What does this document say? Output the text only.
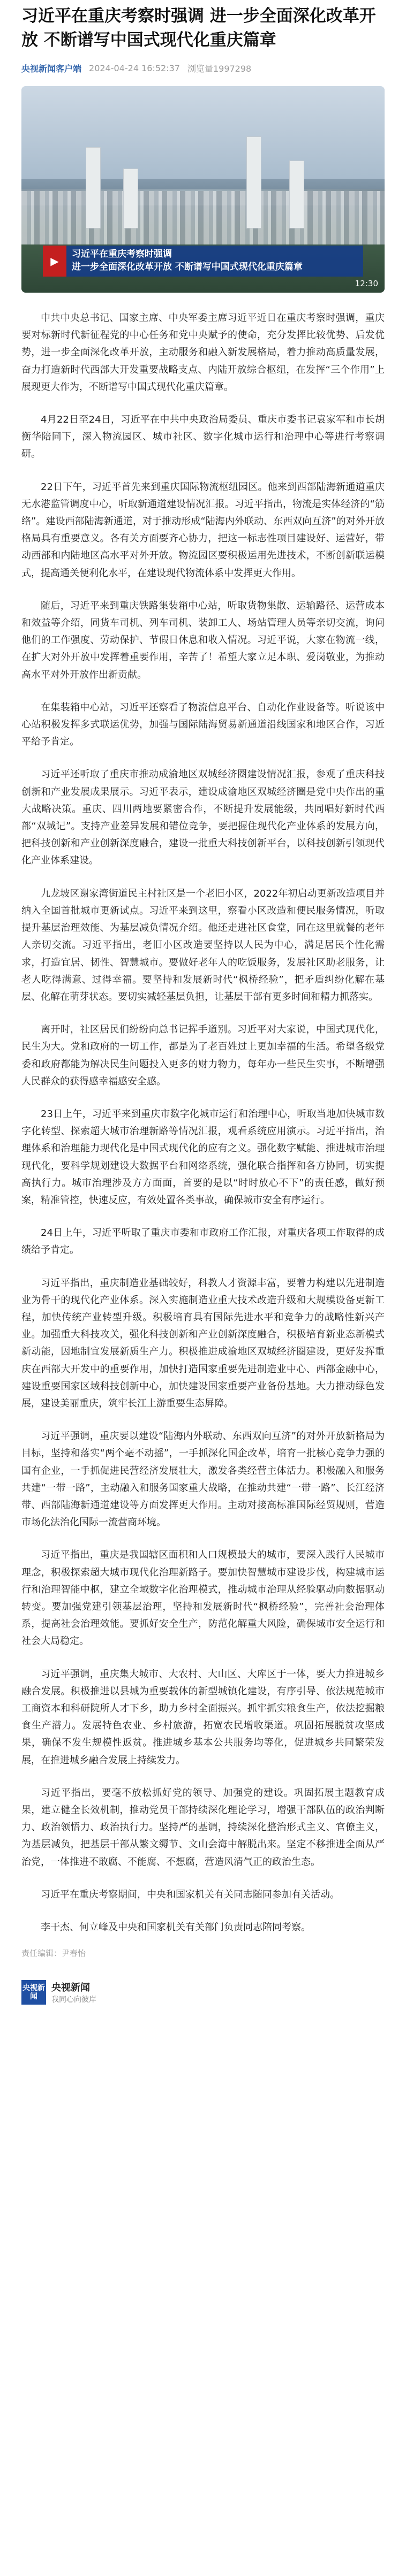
习近平在重庆考察时强调 进一步全面深化改革开放 不断谱写中国式现代化重庆篇章
央视新闻客户端 2024-04-24 16:52:37 浏览量1997298
▶
习近平在重庆考察时强调
进一步全面深化改革开放 不断谱写中国式现代化重庆篇章
12:30

中共中央总书记、国家主席、中央军委主席习近平近日在重庆考察时强调，重庆要对标新时代新征程党的中心任务和党中央赋予的使命，充分发挥比较优势、后发优势，进一步全面深化改革开放，主动服务和融入新发展格局，着力推动高质量发展，奋力打造新时代西部大开发重要战略支点、内陆开放综合枢纽，在发挥“三个作用”上展现更大作为，不断谱写中国式现代化重庆篇章。

4月22日至24日，习近平在中共中央政治局委员、重庆市委书记袁家军和市长胡衡华陪同下，深入物流园区、城市社区、数字化城市运行和治理中心等进行考察调研。

22日下午，习近平首先来到重庆国际物流枢纽园区。他来到西部陆海新通道重庆无水港监管调度中心，听取新通道建设情况汇报。习近平指出，物流是实体经济的“筋络”。建设西部陆海新通道，对于推动形成“陆海内外联动、东西双向互济”的对外开放格局具有重要意义。各有关方面要齐心协力，把这一标志性项目建设好、运营好，带动西部和内陆地区高水平对外开放。物流园区要积极运用先进技术，不断创新联运模式，提高通关便利化水平，在建设现代物流体系中发挥更大作用。

随后，习近平来到重庆铁路集装箱中心站，听取货物集散、运输路径、运营成本和效益等介绍，同货车司机、列车司机、装卸工人、场站管理人员等亲切交流，询问他们的工作强度、劳动保护、节假日休息和收入情况。习近平说，大家在物流一线，在扩大对外开放中发挥着重要作用，辛苦了！希望大家立足本职、爱岗敬业，为推动高水平对外开放作出新贡献。

在集装箱中心站，习近平还察看了物流信息平台、自动化作业设备等。听说该中心站积极发挥多式联运优势，加强与国际陆海贸易新通道沿线国家和地区合作，习近平给予肯定。

习近平还听取了重庆市推动成渝地区双城经济圈建设情况汇报，参观了重庆科技创新和产业发展成果展示。习近平表示，建设成渝地区双城经济圈是党中央作出的重大战略决策。重庆、四川两地要紧密合作，不断提升发展能级，共同唱好新时代西部“双城记”。支持产业差异发展和错位竞争，要把握住现代化产业体系的发展方向，把科技创新和产业创新深度融合，建设一批重大科技创新平台，以科技创新引领现代化产业体系建设。

九龙坡区谢家湾街道民主村社区是一个老旧小区，2022年初启动更新改造项目并纳入全国首批城市更新试点。习近平来到这里，察看小区改造和便民服务情况，听取提升基层治理效能、为基层减负情况介绍。他还走进社区食堂，同在这里就餐的老年人亲切交流。习近平指出，老旧小区改造要坚持以人民为中心，满足居民个性化需求，打造宜居、韧性、智慧城市。要做好老年人的吃饭服务，发展社区助老服务，让老人吃得满意、过得幸福。要坚持和发展新时代“枫桥经验”，把矛盾纠纷化解在基层、化解在萌芽状态。要切实减轻基层负担，让基层干部有更多时间和精力抓落实。

离开时，社区居民们纷纷向总书记挥手道别。习近平对大家说，中国式现代化，民生为大。党和政府的一切工作，都是为了老百姓过上更加幸福的生活。希望各级党委和政府都能为解决民生问题投入更多的财力物力，每年办一些民生实事，不断增强人民群众的获得感幸福感安全感。

23日上午，习近平来到重庆市数字化城市运行和治理中心，听取当地加快城市数字化转型、探索超大城市治理新路等情况汇报，观看系统应用演示。习近平指出，治理体系和治理能力现代化是中国式现代化的应有之义。强化数字赋能、推进城市治理现代化，要科学规划建设大数据平台和网络系统，强化联合指挥和各方协同，切实提高执行力。城市治理涉及方方面面，首要的是以“时时放心不下”的责任感，做好预案，精准管控，快速反应，有效处置各类事故，确保城市安全有序运行。

24日上午，习近平听取了重庆市委和市政府工作汇报，对重庆各项工作取得的成绩给予肯定。

习近平指出，重庆制造业基础较好，科教人才资源丰富，要着力构建以先进制造业为骨干的现代化产业体系。深入实施制造业重大技术改造升级和大规模设备更新工程，加快传统产业转型升级。积极培育具有国际先进水平和竞争力的战略性新兴产业。加强重大科技攻关，强化科技创新和产业创新深度融合，积极培育新业态新模式新动能，因地制宜发展新质生产力。积极推进成渝地区双城经济圈建设，更好发挥重庆在西部大开发中的重要作用，加快打造国家重要先进制造业中心、西部金融中心，建设重要国家区域科技创新中心，加快建设国家重要产业备份基地。大力推动绿色发展，建设美丽重庆，筑牢长江上游重要生态屏障。

习近平强调，重庆要以建设“陆海内外联动、东西双向互济”的对外开放新格局为目标，坚持和落实“两个毫不动摇”，一手抓深化国企改革，培育一批核心竞争力强的国有企业，一手抓促进民营经济发展壮大，激发各类经营主体活力。积极融入和服务共建“一带一路”，主动融入和服务国家重大战略，在推动共建“一带一路”、长江经济带、西部陆海新通道建设等方面发挥更大作用。主动对接高标准国际经贸规则，营造市场化法治化国际一流营商环境。

习近平指出，重庆是我国辖区面积和人口规模最大的城市，要深入践行人民城市理念，积极探索超大城市现代化治理新路子。要加快智慧城市建设步伐，构建城市运行和治理智能中枢，建立全域数字化治理模式，推动城市治理从经验驱动向数据驱动转变。要加强党建引领基层治理，坚持和发展新时代“枫桥经验”，完善社会治理体系，提高社会治理效能。要抓好安全生产，防范化解重大风险，确保城市安全运行和社会大局稳定。

习近平强调，重庆集大城市、大农村、大山区、大库区于一体，要大力推进城乡融合发展。积极推进以县城为重要载体的新型城镇化建设，有序引导、依法规范城市工商资本和科研院所人才下乡，助力乡村全面振兴。抓牢抓实粮食生产，依法挖掘粮食生产潜力。发展特色农业、乡村旅游，拓宽农民增收渠道。巩固拓展脱贫攻坚成果，确保不发生规模性返贫。推进城乡基本公共服务均等化，促进城乡共同繁荣发展，在推进城乡融合发展上持续发力。

习近平指出，要毫不放松抓好党的领导、加强党的建设。巩固拓展主题教育成果，建立健全长效机制，推动党员干部持续深化理论学习，增强干部队伍的政治判断力、政治领悟力、政治执行力。坚持严的基调，持续深化整治形式主义、官僚主义，为基层减负，把基层干部从繁文缛节、文山会海中解脱出来。坚定不移推进全面从严治党，一体推进不敢腐、不能腐、不想腐，营造风清气正的政治生态。

习近平在重庆考察期间，中央和国家机关有关同志随同参加有关活动。

李干杰、何立峰及中央和国家机关有关部门负责同志陪同考察。

责任编辑：尹春怡
央视新闻
央视新闻
我同心向彼岸
